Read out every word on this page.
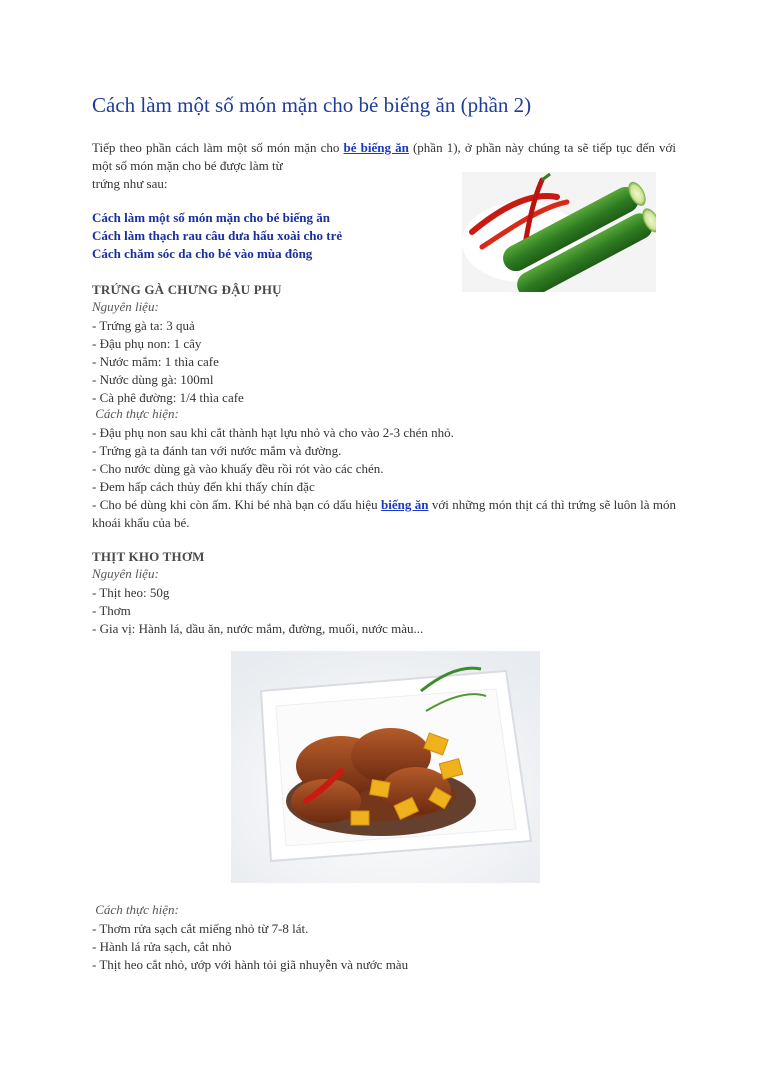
Cách làm một số món mặn cho bé biếng ăn (phần 2)

Tiếp theo phần cách làm một số món mặn cho bé biếng ăn (phần 1), ở phần này chúng ta sẽ tiếp tục đến với một số món mặn cho bé được làm từ

trứng như sau:
Cách làm một số món mặn cho bé biếng ăn
Cách làm thạch rau câu dưa hấu xoài cho trẻ
Cách chăm sóc da cho bé vào mùa đông
TRỨNG GÀ CHƯNG ĐẬU PHỤ
Nguyên liệu:
- Trứng gà ta: 3 quả
- Đậu phụ non: 1 cây
- Nước mắm: 1 thìa cafe
- Nước dùng gà: 100ml
- Cà phê đường: 1/4 thìa cafe
Cách thực hiện:
- Đậu phụ non sau khi cắt thành hạt lựu nhỏ và cho vào 2-3 chén nhỏ.
- Trứng gà ta đánh tan với nước mắm và đường.
- Cho nước dùng gà vào khuấy đều rồi rót vào các chén.
- Đem hấp cách thủy đến khi thấy chín đặc

- Cho bé dùng khi còn ấm. Khi bé nhà bạn có dấu hiệu biếng ăn với những món thịt cá thì trứng sẽ luôn là món khoái khẩu của bé.

THỊT KHO THƠM
Nguyên liệu:
- Thịt heo: 50g
- Thơm
- Gia vị: Hành lá, dầu ăn, nước mắm, đường, muối, nước màu...
Cách thực hiện:
- Thơm rửa sạch cắt miếng nhỏ từ 7-8 lát.
- Hành lá rửa sạch, cắt nhỏ
- Thịt heo cắt nhỏ, ướp với hành tỏi giã nhuyễn và nước màu
